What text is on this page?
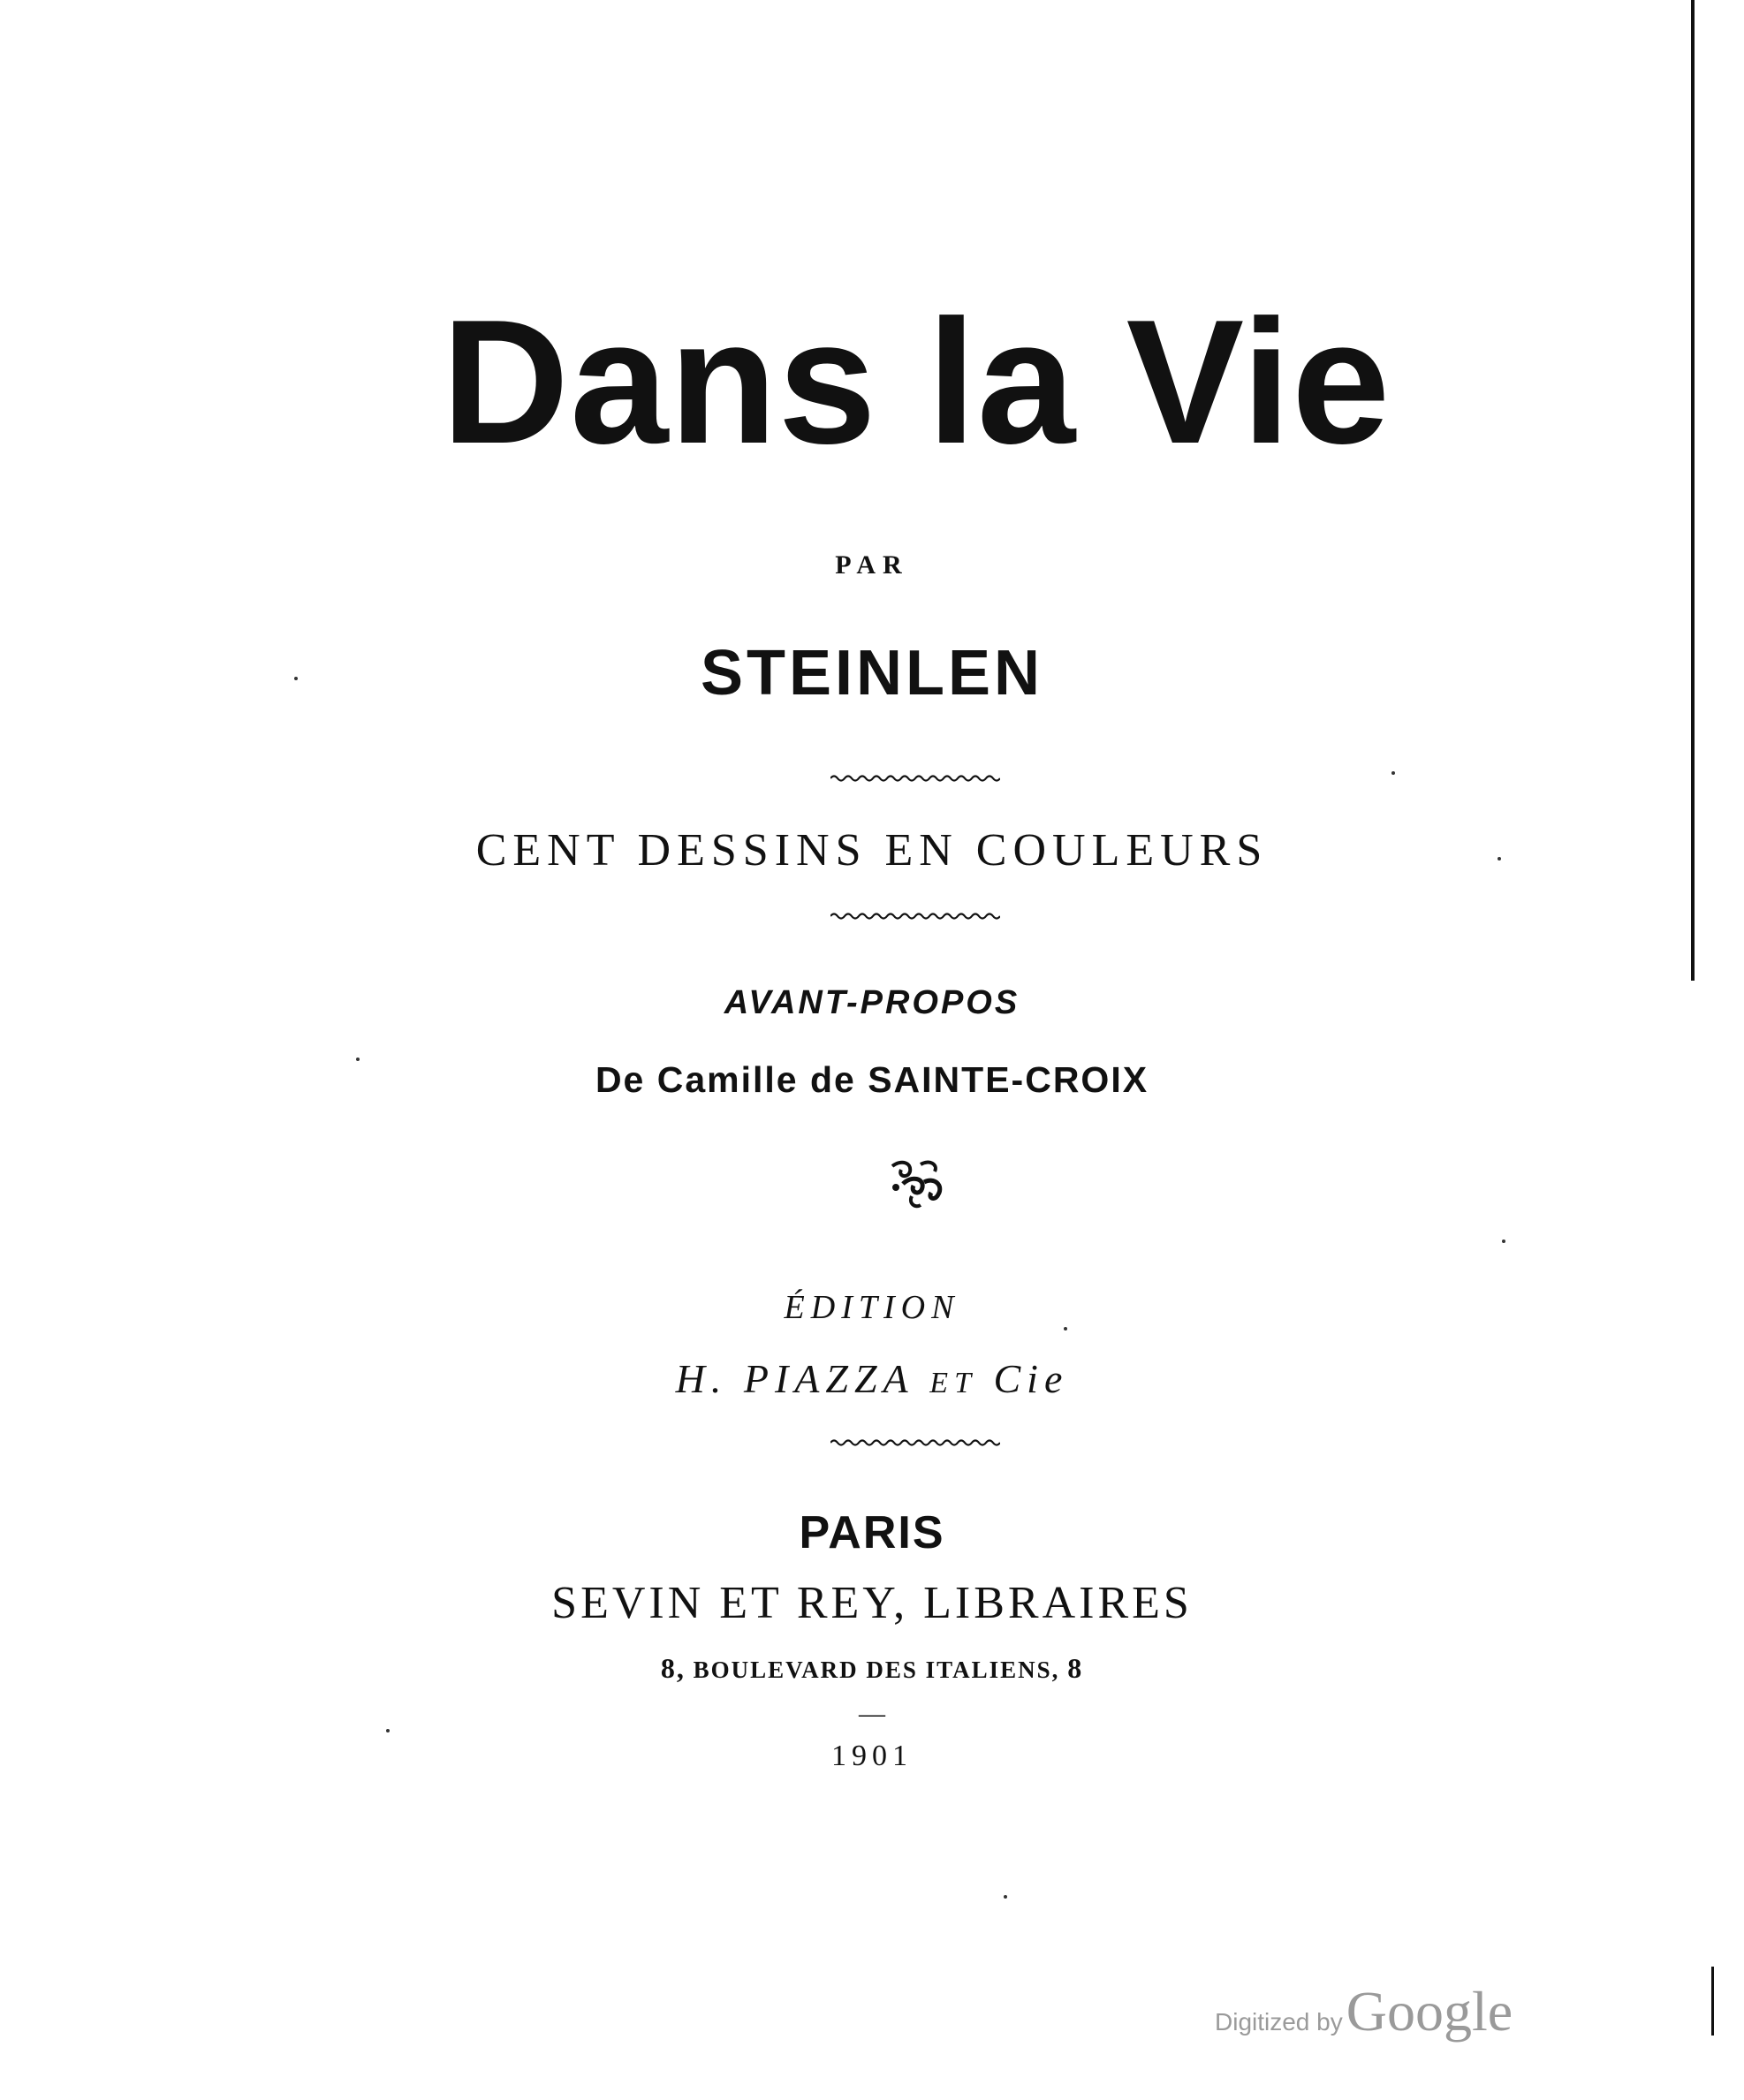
Dans la Vie
PAR
STEINLEN
CENT DESSINS EN COULEURS
AVANT-PROPOS
De Camille de SAINTE-CROIX
ÉDITION
H. PIAZZA ET Cie
PARIS
SEVIN ET REY, LIBRAIRES
8, BOULEVARD DES ITALIENS, 8
—
1901
Digitized by Google
